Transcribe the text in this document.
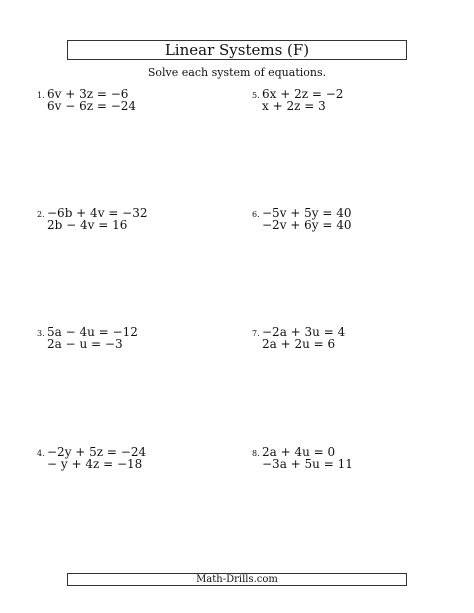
Linear Systems (F)
Solve each system of equations.
1. 6v + 3z = −6
6v − 6z = −24
2. −6b + 4v = −32
2b − 4v = 16
3. 5a − 4u = −12
2a − u = −3
4. −2y + 5z = −24
− y + 4z = −18
5. 6x + 2z = −2
x + 2z = 3
6. −5v + 5y = 40
−2v + 6y = 40
7. −2a + 3u = 4
2a + 2u = 6
8. 2a + 4u = 0
−3a + 5u = 11
Math-Drills.com
